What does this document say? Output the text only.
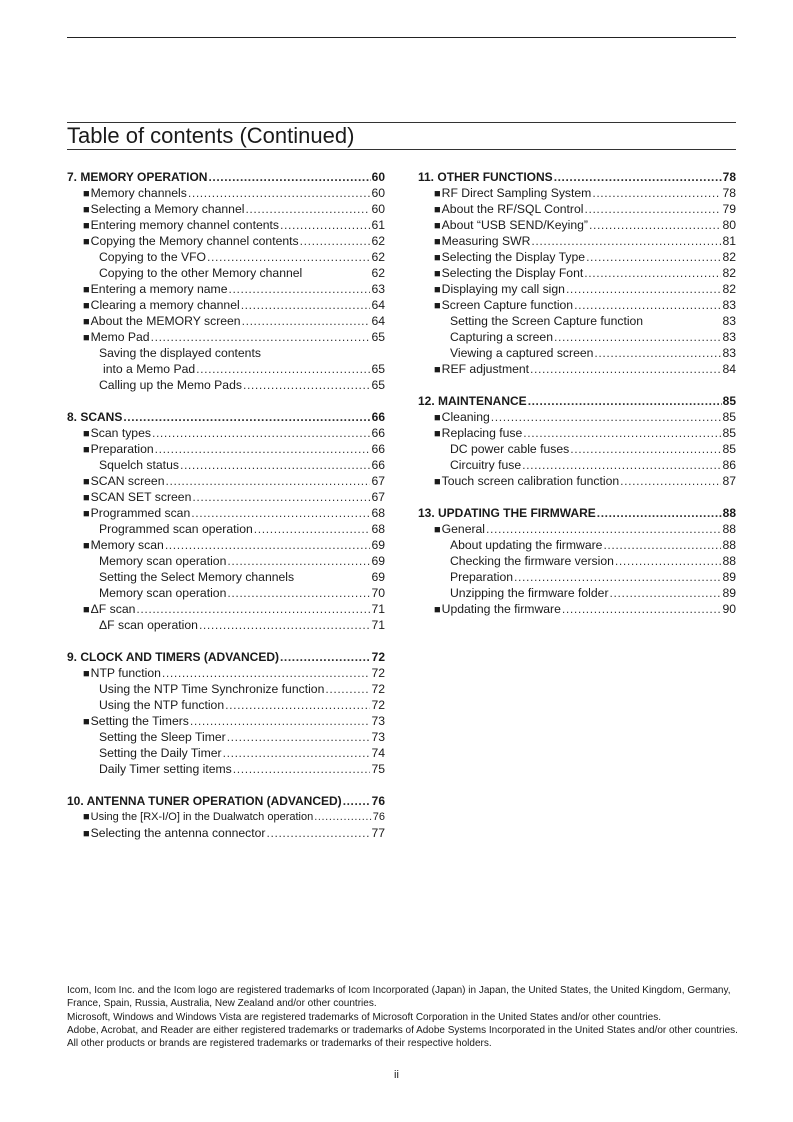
Table of contents (Continued)
7. MEMORY OPERATION .....	60
■Memory channels .....	60
■Selecting a Memory channel .....	60
■Entering memory channel contents .....	61
■Copying the Memory channel contents .....	62
Copying to the VFO .....	62
Copying to the other Memory channel	62
■Entering a memory name .....	63
■Clearing a memory channel .....	64
■About the MEMORY screen .....	64
■Memo Pad .....	65
Saving the displayed contents
into a Memo Pad .....	65
Calling up the Memo Pads .....	65
8. SCANS .....	66
■Scan types .....	66
■Preparation .....	66
Squelch status .....	66
■SCAN screen .....	67
■SCAN SET screen .....	67
■Programmed scan .....	68
Programmed scan operation .....	68
■Memory scan .....	69
Memory scan operation .....	69
Setting the Select Memory channels	69
Memory scan operation .....	70
■ΔF scan .....	71
ΔF scan operation .....	71
9. CLOCK AND TIMERS (ADVANCED) .....	72
■NTP function .....	72
Using the NTP Time Synchronize function .....	72
Using the NTP function .....	72
■Setting the Timers .....	73
Setting the Sleep Timer .....	73
Setting the Daily Timer .....	74
Daily Timer setting items .....	75
10. ANTENNA TUNER OPERATION (ADVANCED) ..... 76
■Using the [RX-I/O] in the Dualwatch operation .....	76
■Selecting the antenna connector .....	77
11. OTHER FUNCTIONS .....	78
■RF Direct Sampling System .....	78
■About the RF/SQL Control .....	79
■About “USB SEND/Keying” .....	80
■Measuring SWR .....	81
■Selecting the Display Type .....	82
■Selecting the Display Font .....	82
■Displaying my call sign .....	82
■Screen Capture function .....	83
Setting the Screen Capture function	83
Capturing a screen .....	83
Viewing a captured screen .....	83
■REF adjustment .....	84
12. MAINTENANCE .....	85
■Cleaning .....	85
■Replacing fuse .....	85
DC power cable fuses .....	85
Circuitry fuse .....	86
■Touch screen calibration function .....	87
13. UPDATING THE FIRMWARE .....	88
■General .....	88
About updating the firmware .....	88
Checking the firmware version .....	88
Preparation .....	89
Unzipping the firmware folder .....	89
■Updating the firmware .....	90
Icom, Icom Inc. and the Icom logo are registered trademarks of Icom Incorporated (Japan) in Japan, the United States, the United Kingdom, Germany, France, Spain, Russia, Australia, New Zealand and/or other countries.
Microsoft, Windows and Windows Vista are registered trademarks of Microsoft Corporation in the United States and/or other countries.
Adobe, Acrobat, and Reader are either registered trademarks or trademarks of Adobe Systems Incorporated in the United States and/or other countries.
All other products or brands are registered trademarks or trademarks of their respective holders.
ii
